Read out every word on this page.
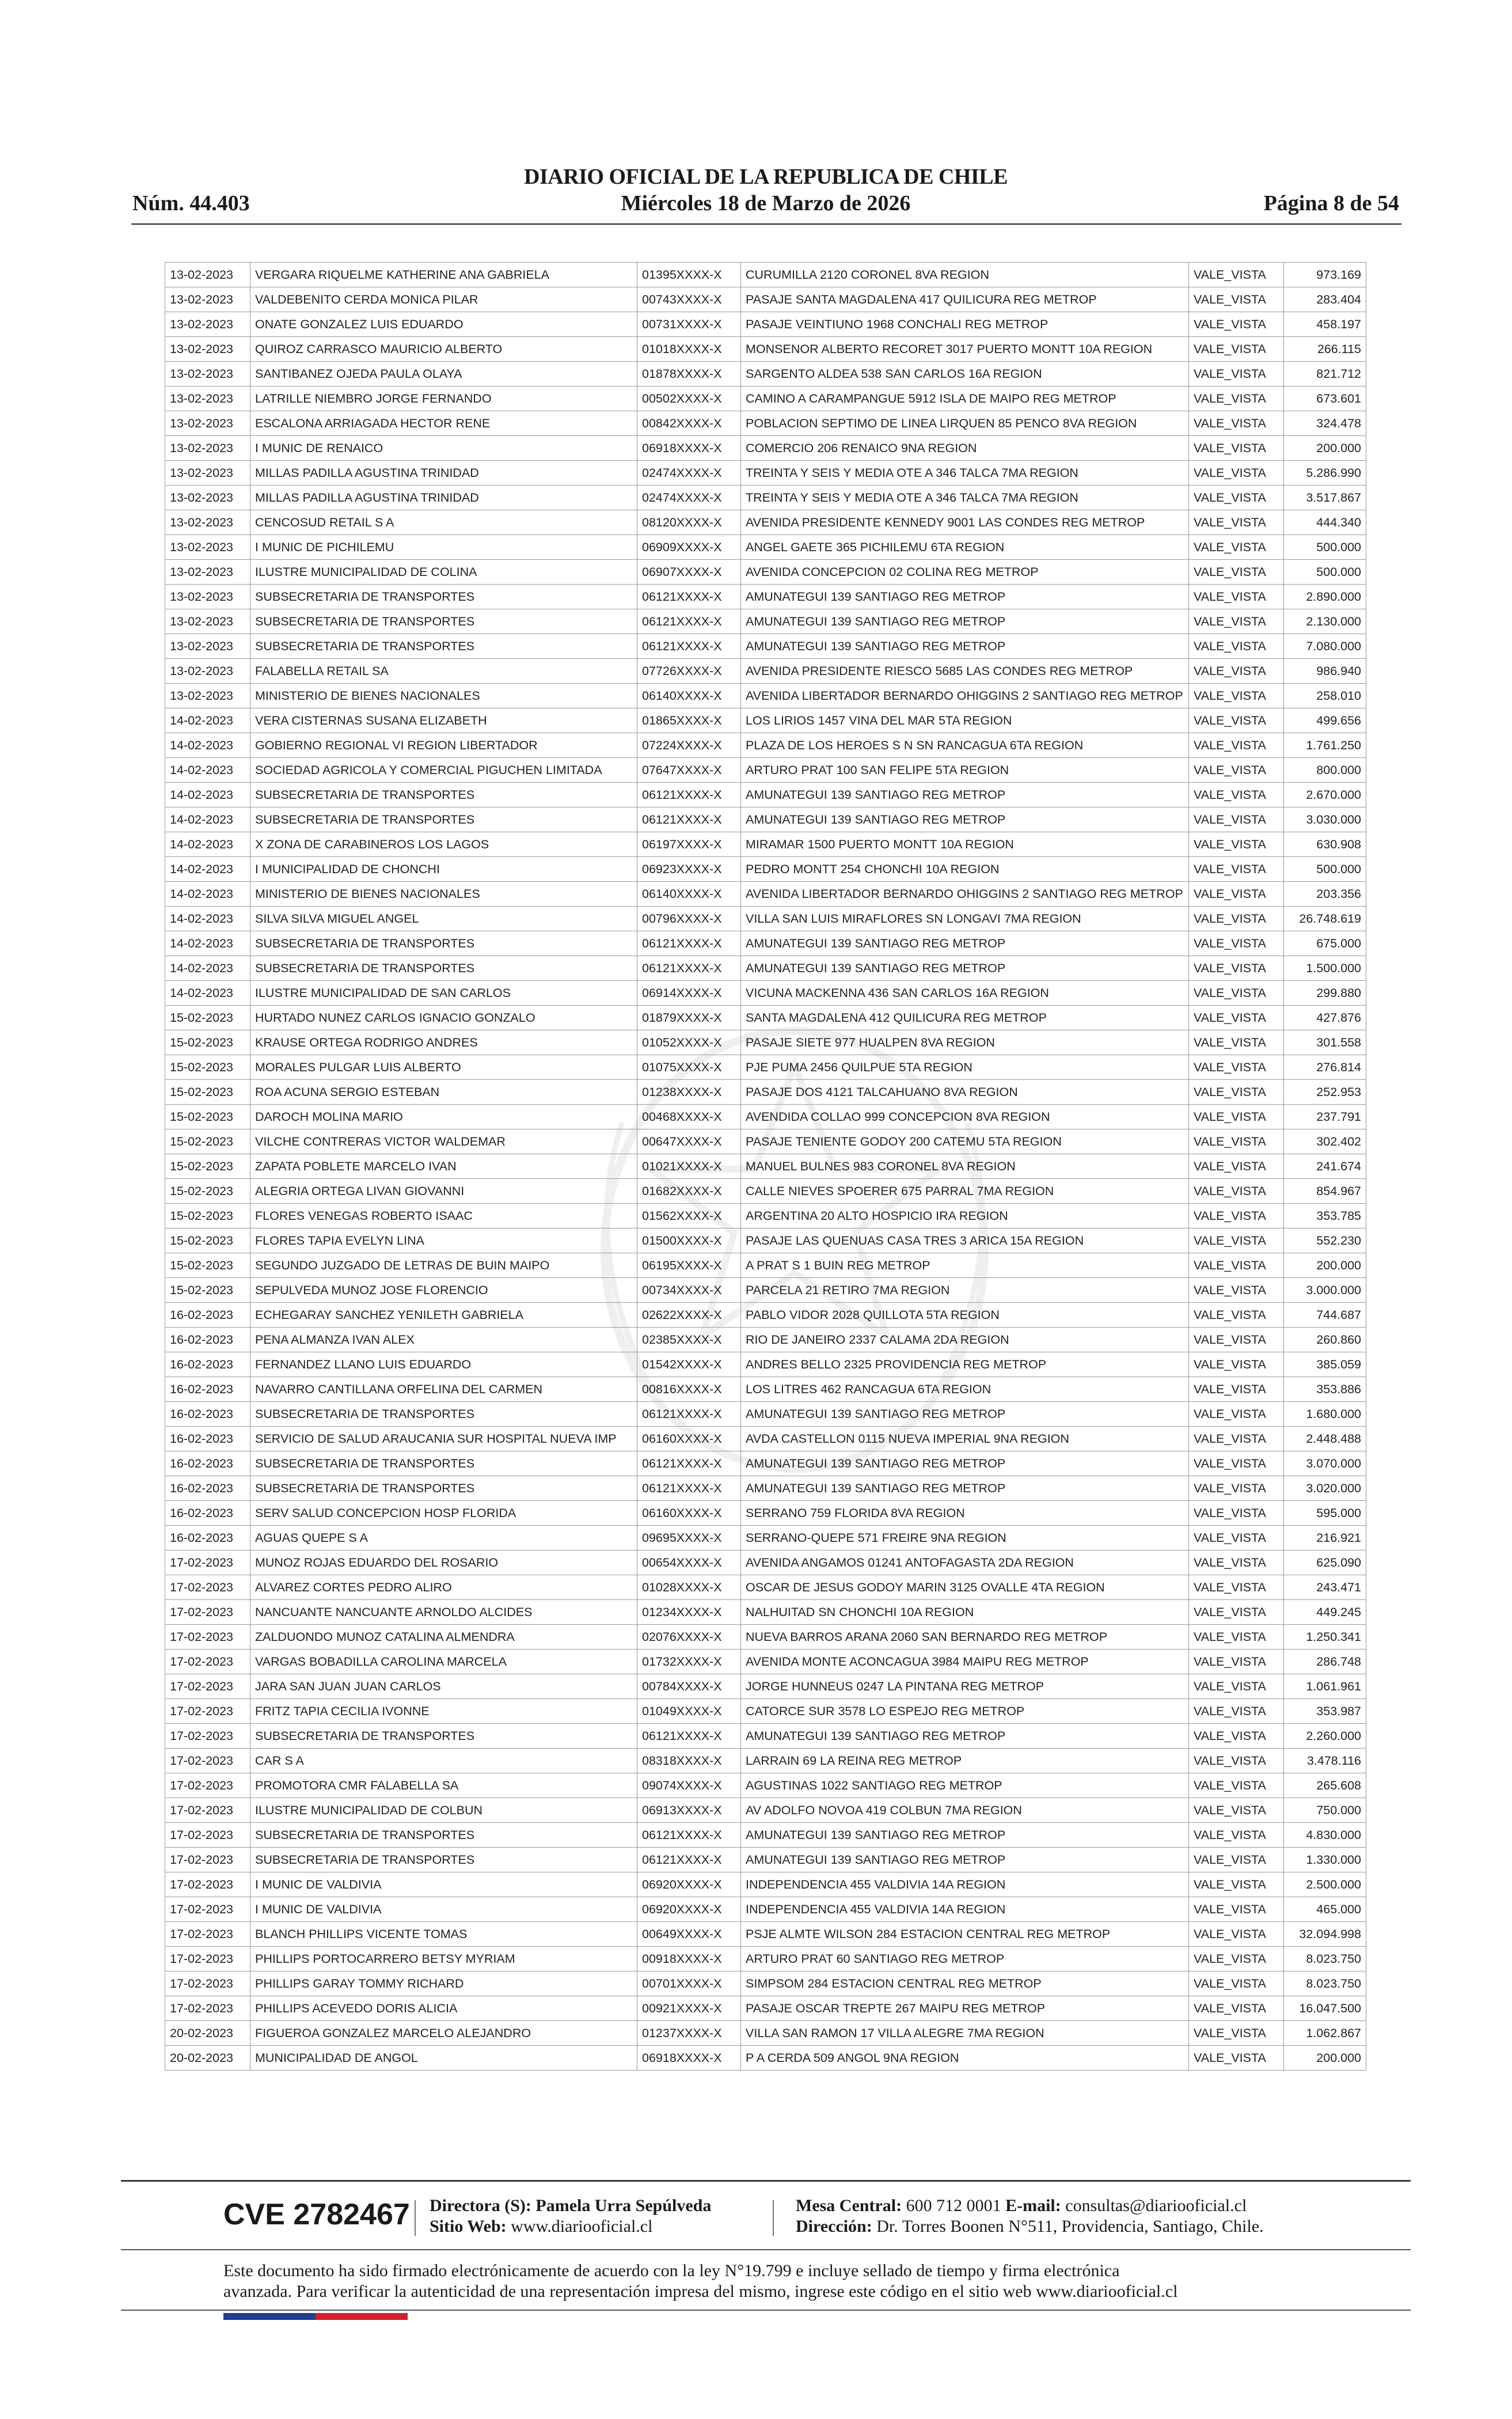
DIARIO OFICIAL DE LA REPUBLICA DE CHILE
Núm. 44.403	Miércoles 18 de Marzo de 2026	Página 8 de 54
13-02-2023	VERGARA RIQUELME KATHERINE ANA GABRIELA	01395XXXX-X	CURUMILLA 2120 CORONEL 8VA REGION	VALE_VISTA	973.169
13-02-2023	VALDEBENITO CERDA MONICA PILAR	00743XXXX-X	PASAJE SANTA MAGDALENA 417 QUILICURA REG METROP	VALE_VISTA	283.404
13-02-2023	ONATE GONZALEZ LUIS EDUARDO	00731XXXX-X	PASAJE VEINTIUNO 1968 CONCHALI REG METROP	VALE_VISTA	458.197
13-02-2023	QUIROZ CARRASCO MAURICIO ALBERTO	01018XXXX-X	MONSENOR ALBERTO RECORET 3017 PUERTO MONTT 10A REGION	VALE_VISTA	266.115
13-02-2023	SANTIBANEZ OJEDA PAULA OLAYA	01878XXXX-X	SARGENTO ALDEA 538 SAN CARLOS 16A REGION	VALE_VISTA	821.712
13-02-2023	LATRILLE NIEMBRO JORGE FERNANDO	00502XXXX-X	CAMINO A CARAMPANGUE 5912 ISLA DE MAIPO REG METROP	VALE_VISTA	673.601
13-02-2023	ESCALONA ARRIAGADA HECTOR RENE	00842XXXX-X	POBLACION SEPTIMO DE LINEA LIRQUEN 85 PENCO 8VA REGION	VALE_VISTA	324.478
13-02-2023	I MUNIC DE RENAICO	06918XXXX-X	COMERCIO 206 RENAICO 9NA REGION	VALE_VISTA	200.000
13-02-2023	MILLAS PADILLA AGUSTINA TRINIDAD	02474XXXX-X	TREINTA Y SEIS Y MEDIA OTE A 346 TALCA 7MA REGION	VALE_VISTA	5.286.990
13-02-2023	MILLAS PADILLA AGUSTINA TRINIDAD	02474XXXX-X	TREINTA Y SEIS Y MEDIA OTE A 346 TALCA 7MA REGION	VALE_VISTA	3.517.867
13-02-2023	CENCOSUD RETAIL S A	08120XXXX-X	AVENIDA PRESIDENTE KENNEDY 9001 LAS CONDES REG METROP	VALE_VISTA	444.340
13-02-2023	I MUNIC DE PICHILEMU	06909XXXX-X	ANGEL GAETE 365 PICHILEMU 6TA REGION	VALE_VISTA	500.000
13-02-2023	ILUSTRE MUNICIPALIDAD DE COLINA	06907XXXX-X	AVENIDA CONCEPCION 02 COLINA REG METROP	VALE_VISTA	500.000
13-02-2023	SUBSECRETARIA DE TRANSPORTES	06121XXXX-X	AMUNATEGUI 139 SANTIAGO REG METROP	VALE_VISTA	2.890.000
13-02-2023	SUBSECRETARIA DE TRANSPORTES	06121XXXX-X	AMUNATEGUI 139 SANTIAGO REG METROP	VALE_VISTA	2.130.000
13-02-2023	SUBSECRETARIA DE TRANSPORTES	06121XXXX-X	AMUNATEGUI 139 SANTIAGO REG METROP	VALE_VISTA	7.080.000
13-02-2023	FALABELLA RETAIL SA	07726XXXX-X	AVENIDA PRESIDENTE RIESCO 5685 LAS CONDES REG METROP	VALE_VISTA	986.940
13-02-2023	MINISTERIO DE BIENES NACIONALES	06140XXXX-X	AVENIDA LIBERTADOR BERNARDO OHIGGINS 2 SANTIAGO REG METROP	VALE_VISTA	258.010
14-02-2023	VERA CISTERNAS SUSANA ELIZABETH	01865XXXX-X	LOS LIRIOS 1457 VINA DEL MAR 5TA REGION	VALE_VISTA	499.656
14-02-2023	GOBIERNO REGIONAL VI REGION LIBERTADOR	07224XXXX-X	PLAZA DE LOS HEROES S N SN RANCAGUA 6TA REGION	VALE_VISTA	1.761.250
14-02-2023	SOCIEDAD AGRICOLA Y COMERCIAL PIGUCHEN LIMITADA	07647XXXX-X	ARTURO PRAT 100 SAN FELIPE 5TA REGION	VALE_VISTA	800.000
14-02-2023	SUBSECRETARIA DE TRANSPORTES	06121XXXX-X	AMUNATEGUI 139 SANTIAGO REG METROP	VALE_VISTA	2.670.000
14-02-2023	SUBSECRETARIA DE TRANSPORTES	06121XXXX-X	AMUNATEGUI 139 SANTIAGO REG METROP	VALE_VISTA	3.030.000
14-02-2023	X ZONA DE CARABINEROS LOS LAGOS	06197XXXX-X	MIRAMAR 1500 PUERTO MONTT 10A REGION	VALE_VISTA	630.908
14-02-2023	I MUNICIPALIDAD DE CHONCHI	06923XXXX-X	PEDRO MONTT 254 CHONCHI 10A REGION	VALE_VISTA	500.000
14-02-2023	MINISTERIO DE BIENES NACIONALES	06140XXXX-X	AVENIDA LIBERTADOR BERNARDO OHIGGINS 2 SANTIAGO REG METROP	VALE_VISTA	203.356
14-02-2023	SILVA SILVA MIGUEL ANGEL	00796XXXX-X	VILLA SAN LUIS MIRAFLORES SN LONGAVI 7MA REGION	VALE_VISTA	26.748.619
14-02-2023	SUBSECRETARIA DE TRANSPORTES	06121XXXX-X	AMUNATEGUI 139 SANTIAGO REG METROP	VALE_VISTA	675.000
14-02-2023	SUBSECRETARIA DE TRANSPORTES	06121XXXX-X	AMUNATEGUI 139 SANTIAGO REG METROP	VALE_VISTA	1.500.000
14-02-2023	ILUSTRE MUNICIPALIDAD DE SAN CARLOS	06914XXXX-X	VICUNA MACKENNA 436 SAN CARLOS 16A REGION	VALE_VISTA	299.880
15-02-2023	HURTADO NUNEZ CARLOS IGNACIO GONZALO	01879XXXX-X	SANTA MAGDALENA 412 QUILICURA REG METROP	VALE_VISTA	427.876
15-02-2023	KRAUSE ORTEGA RODRIGO ANDRES	01052XXXX-X	PASAJE SIETE 977 HUALPEN 8VA REGION	VALE_VISTA	301.558
15-02-2023	MORALES PULGAR LUIS ALBERTO	01075XXXX-X	PJE PUMA 2456 QUILPUE 5TA REGION	VALE_VISTA	276.814
15-02-2023	ROA ACUNA SERGIO ESTEBAN	01238XXXX-X	PASAJE DOS 4121 TALCAHUANO 8VA REGION	VALE_VISTA	252.953
15-02-2023	DAROCH MOLINA MARIO	00468XXXX-X	AVENDIDA COLLAO 999 CONCEPCION 8VA REGION	VALE_VISTA	237.791
15-02-2023	VILCHE CONTRERAS VICTOR WALDEMAR	00647XXXX-X	PASAJE TENIENTE GODOY 200 CATEMU 5TA REGION	VALE_VISTA	302.402
15-02-2023	ZAPATA POBLETE MARCELO IVAN	01021XXXX-X	MANUEL BULNES 983 CORONEL 8VA REGION	VALE_VISTA	241.674
15-02-2023	ALEGRIA ORTEGA LIVAN GIOVANNI	01682XXXX-X	CALLE NIEVES SPOERER 675 PARRAL 7MA REGION	VALE_VISTA	854.967
15-02-2023	FLORES VENEGAS ROBERTO ISAAC	01562XXXX-X	ARGENTINA 20 ALTO HOSPICIO IRA REGION	VALE_VISTA	353.785
15-02-2023	FLORES TAPIA EVELYN LINA	01500XXXX-X	PASAJE LAS QUENUAS CASA TRES 3 ARICA 15A REGION	VALE_VISTA	552.230
15-02-2023	SEGUNDO JUZGADO DE LETRAS DE BUIN MAIPO	06195XXXX-X	A PRAT S 1 BUIN REG METROP	VALE_VISTA	200.000
15-02-2023	SEPULVEDA MUNOZ JOSE FLORENCIO	00734XXXX-X	PARCELA 21 RETIRO 7MA REGION	VALE_VISTA	3.000.000
16-02-2023	ECHEGARAY SANCHEZ YENILETH GABRIELA	02622XXXX-X	PABLO VIDOR 2028 QUILLOTA 5TA REGION	VALE_VISTA	744.687
16-02-2023	PENA ALMANZA IVAN ALEX	02385XXXX-X	RIO DE JANEIRO 2337 CALAMA 2DA REGION	VALE_VISTA	260.860
16-02-2023	FERNANDEZ LLANO LUIS EDUARDO	01542XXXX-X	ANDRES BELLO 2325 PROVIDENCIA REG METROP	VALE_VISTA	385.059
16-02-2023	NAVARRO CANTILLANA ORFELINA DEL CARMEN	00816XXXX-X	LOS LITRES 462 RANCAGUA 6TA REGION	VALE_VISTA	353.886
16-02-2023	SUBSECRETARIA DE TRANSPORTES	06121XXXX-X	AMUNATEGUI 139 SANTIAGO REG METROP	VALE_VISTA	1.680.000
16-02-2023	SERVICIO DE SALUD ARAUCANIA SUR HOSPITAL NUEVA IMP	06160XXXX-X	AVDA CASTELLON 0115 NUEVA IMPERIAL 9NA REGION	VALE_VISTA	2.448.488
16-02-2023	SUBSECRETARIA DE TRANSPORTES	06121XXXX-X	AMUNATEGUI 139 SANTIAGO REG METROP	VALE_VISTA	3.070.000
16-02-2023	SUBSECRETARIA DE TRANSPORTES	06121XXXX-X	AMUNATEGUI 139 SANTIAGO REG METROP	VALE_VISTA	3.020.000
16-02-2023	SERV SALUD CONCEPCION HOSP FLORIDA	06160XXXX-X	SERRANO 759 FLORIDA 8VA REGION	VALE_VISTA	595.000
16-02-2023	AGUAS QUEPE S A	09695XXXX-X	SERRANO-QUEPE 571 FREIRE 9NA REGION	VALE_VISTA	216.921
17-02-2023	MUNOZ ROJAS EDUARDO DEL ROSARIO	00654XXXX-X	AVENIDA ANGAMOS 01241 ANTOFAGASTA 2DA REGION	VALE_VISTA	625.090
17-02-2023	ALVAREZ CORTES PEDRO ALIRO	01028XXXX-X	OSCAR DE JESUS GODOY MARIN 3125 OVALLE 4TA REGION	VALE_VISTA	243.471
17-02-2023	NANCUANTE NANCUANTE ARNOLDO ALCIDES	01234XXXX-X	NALHUITAD SN CHONCHI 10A REGION	VALE_VISTA	449.245
17-02-2023	ZALDUONDO MUNOZ CATALINA ALMENDRA	02076XXXX-X	NUEVA BARROS ARANA 2060 SAN BERNARDO REG METROP	VALE_VISTA	1.250.341
17-02-2023	VARGAS BOBADILLA CAROLINA MARCELA	01732XXXX-X	AVENIDA MONTE ACONCAGUA 3984 MAIPU REG METROP	VALE_VISTA	286.748
17-02-2023	JARA SAN JUAN JUAN CARLOS	00784XXXX-X	JORGE HUNNEUS 0247 LA PINTANA REG METROP	VALE_VISTA	1.061.961
17-02-2023	FRITZ TAPIA CECILIA IVONNE	01049XXXX-X	CATORCE SUR 3578 LO ESPEJO REG METROP	VALE_VISTA	353.987
17-02-2023	SUBSECRETARIA DE TRANSPORTES	06121XXXX-X	AMUNATEGUI 139 SANTIAGO REG METROP	VALE_VISTA	2.260.000
17-02-2023	CAR S A	08318XXXX-X	LARRAIN 69 LA REINA REG METROP	VALE_VISTA	3.478.116
17-02-2023	PROMOTORA CMR FALABELLA SA	09074XXXX-X	AGUSTINAS 1022 SANTIAGO REG METROP	VALE_VISTA	265.608
17-02-2023	ILUSTRE MUNICIPALIDAD DE COLBUN	06913XXXX-X	AV ADOLFO NOVOA 419 COLBUN 7MA REGION	VALE_VISTA	750.000
17-02-2023	SUBSECRETARIA DE TRANSPORTES	06121XXXX-X	AMUNATEGUI 139 SANTIAGO REG METROP	VALE_VISTA	4.830.000
17-02-2023	SUBSECRETARIA DE TRANSPORTES	06121XXXX-X	AMUNATEGUI 139 SANTIAGO REG METROP	VALE_VISTA	1.330.000
17-02-2023	I MUNIC DE VALDIVIA	06920XXXX-X	INDEPENDENCIA 455 VALDIVIA 14A REGION	VALE_VISTA	2.500.000
17-02-2023	I MUNIC DE VALDIVIA	06920XXXX-X	INDEPENDENCIA 455 VALDIVIA 14A REGION	VALE_VISTA	465.000
17-02-2023	BLANCH PHILLIPS VICENTE TOMAS	00649XXXX-X	PSJE ALMTE WILSON 284 ESTACION CENTRAL REG METROP	VALE_VISTA	32.094.998
17-02-2023	PHILLIPS PORTOCARRERO BETSY MYRIAM	00918XXXX-X	ARTURO PRAT 60 SANTIAGO REG METROP	VALE_VISTA	8.023.750
17-02-2023	PHILLIPS GARAY TOMMY RICHARD	00701XXXX-X	SIMPSOM 284 ESTACION CENTRAL REG METROP	VALE_VISTA	8.023.750
17-02-2023	PHILLIPS ACEVEDO DORIS ALICIA	00921XXXX-X	PASAJE OSCAR TREPTE 267 MAIPU REG METROP	VALE_VISTA	16.047.500
20-02-2023	FIGUEROA GONZALEZ MARCELO ALEJANDRO	01237XXXX-X	VILLA SAN RAMON 17 VILLA ALEGRE 7MA REGION	VALE_VISTA	1.062.867
20-02-2023	MUNICIPALIDAD DE ANGOL	06918XXXX-X	P A CERDA 509 ANGOL 9NA REGION	VALE_VISTA	200.000
CVE 2782467 Directora (S): Pamela Urra Sepúlveda
Sitio Web: www.diariooficial.cl
Mesa Central: 600 712 0001 E-mail: consultas@diariooficial.cl
Dirección: Dr. Torres Boonen N°511, Providencia, Santiago, Chile.
Este documento ha sido firmado electrónicamente de acuerdo con la ley N°19.799 e incluye sellado de tiempo y firma electrónica
avanzada. Para verificar la autenticidad de una representación impresa del mismo, ingrese este código en el sitio web www.diariooficial.cl
